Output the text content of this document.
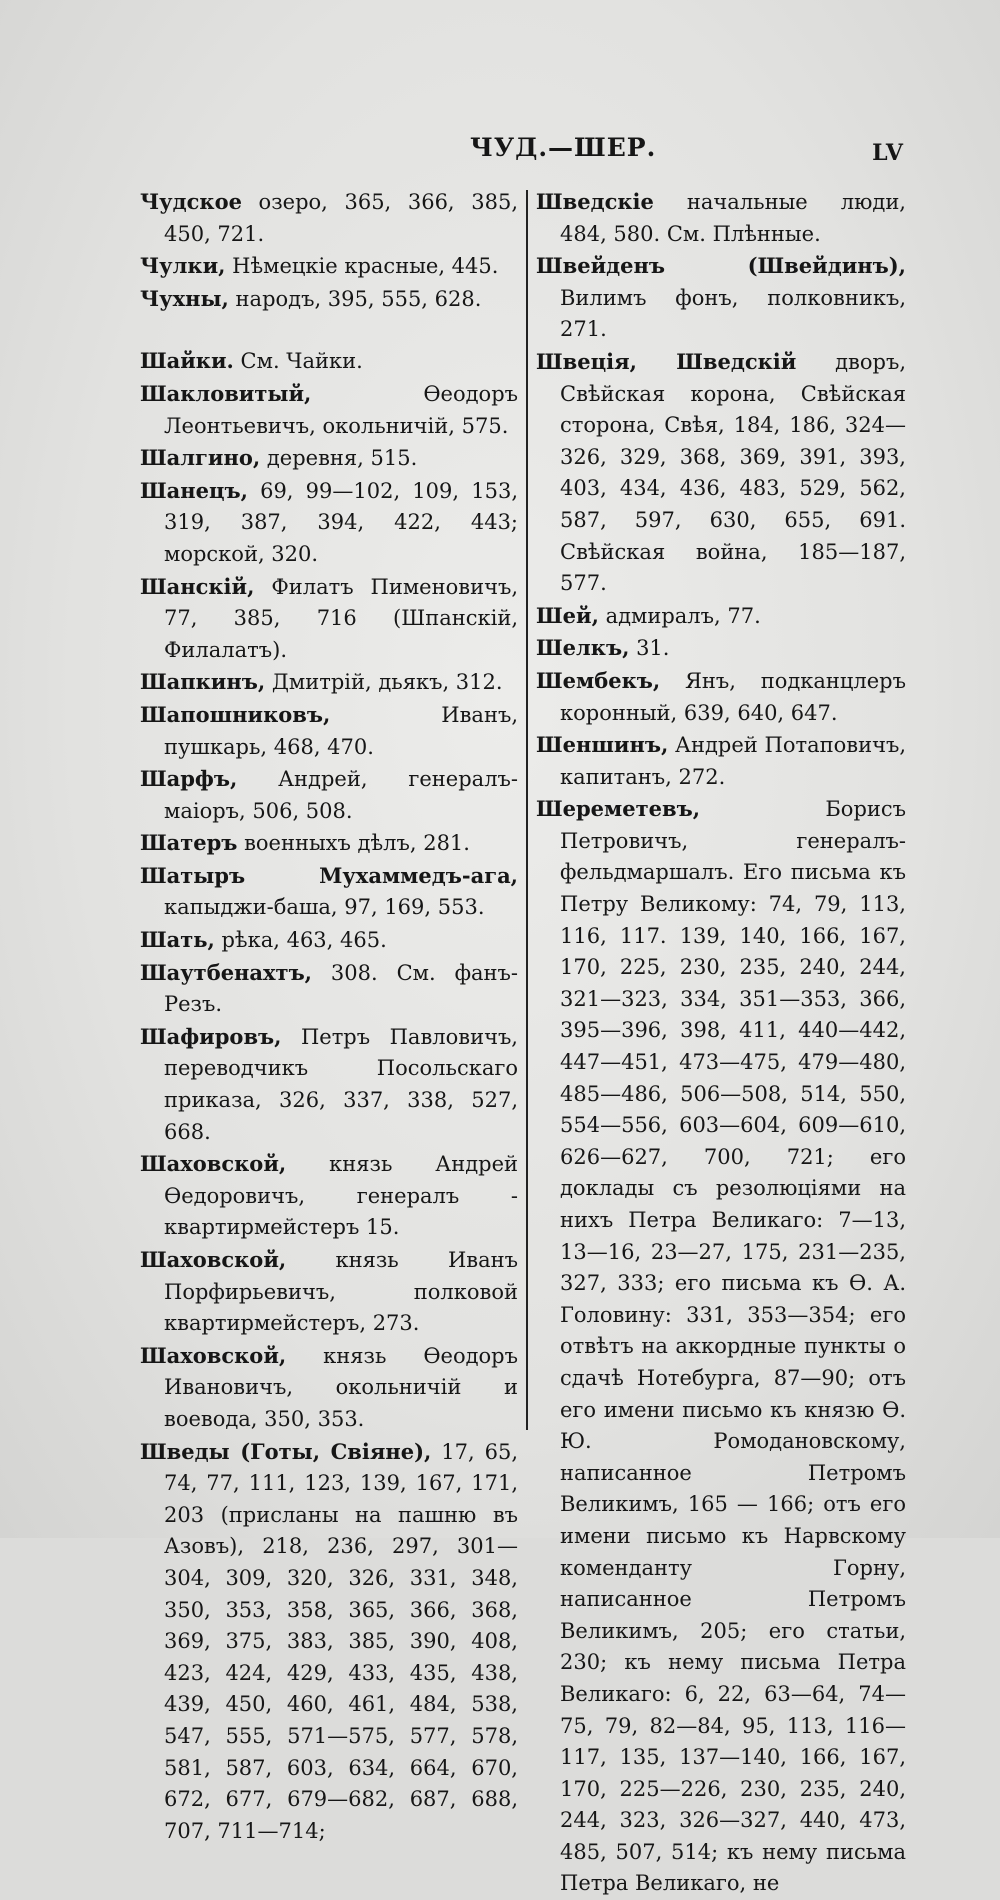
ЧУД.—ШЕР.	LV
Чудское озеро, 365, 366, 385, 450, 721.
Чулки, Нѣмецкіе красные, 445.
Чухны, народъ, 395, 555, 628.
Шайки. См. Чайки.
Шакловитый, Ѳеодоръ Леонтьевичъ, окольничій, 575.
Шалгино, деревня, 515.
Шанецъ, 69, 99—102, 109, 153, 319, 387, 394, 422, 443; морской, 320.
Шанскій, Филатъ Пименовичъ, 77, 385, 716 (Шпанскій, Филалатъ).
Шапкинъ, Дмитрій, дьякъ, 312.
Шапошниковъ, Иванъ, пушкарь, 468, 470.
Шарфъ, Андрей, генералъ-маіоръ, 506, 508.
Шатеръ военныхъ дѣлъ, 281.
Шатыръ Мухаммедъ-ага, капыджи-баша, 97, 169, 553.
Шать, рѣка, 463, 465.
Шаутбенахтъ, 308. См. фанъ-Резъ.
Шафировъ, Петръ Павловичъ, переводчикъ Посольскаго приказа, 326, 337, 338, 527, 668.
Шаховской, князь Андрей Ѳедоровичъ, генералъ - квартирмейстеръ 15.
Шаховской, князь Иванъ Порфирьевичъ, полковой квартирмейстеръ, 273.
Шаховской, князь Ѳеодоръ Ивановичъ, окольничій и воевода, 350, 353.
Шведы (Готы, Свіяне), 17, 65, 74, 77, 111, 123, 139, 167, 171, 203 (присланы на пашню въ Азовъ), 218, 236, 297, 301—304, 309, 320, 326, 331, 348, 350, 353, 358, 365, 366, 368, 369, 375, 383, 385, 390, 408, 423, 424, 429, 433, 435, 438, 439, 450, 460, 461, 484, 538, 547, 555, 571—575, 577, 578, 581, 587, 603, 634, 664, 670, 672, 677, 679—682, 687, 688, 707, 711—714;
Шведскіе начальные люди, 484, 580. См. Плѣнные.
Швейденъ (Швейдинъ), Вилимъ фонъ, полковникъ, 271.
Швеція, Шведскій дворъ, Свѣйская корона, Свѣйская сторона, Свѣя, 184, 186, 324—326, 329, 368, 369, 391, 393, 403, 434, 436, 483, 529, 562, 587, 597, 630, 655, 691. Свѣйская война, 185—187, 577.
Шей, адмиралъ, 77.
Шелкъ, 31.
Шембекъ, Янъ, подканцлеръ коронный, 639, 640, 647.
Шеншинъ, Андрей Потаповичъ, капитанъ, 272.
Шереметевъ, Борисъ Петровичъ, генералъ-фельдмаршалъ. Его письма къ Петру Великому: 74, 79, 113, 116, 117. 139, 140, 166, 167, 170, 225, 230, 235, 240, 244, 321—323, 334, 351—353, 366, 395—396, 398, 411, 440—442, 447—451, 473—475, 479—480, 485—486, 506—508, 514, 550, 554—556, 603—604, 609—610, 626—627, 700, 721; его доклады съ резолюціями на нихъ Петра Великаго: 7—13, 13—16, 23—27, 175, 231—235, 327, 333; его письма къ Ѳ. А. Головину: 331, 353—354; его отвѣтъ на аккордные пункты о сдачѣ Нотебурга, 87—90; отъ его имени письмо къ князю Ѳ. Ю. Ромодановскому, написанное Петромъ Великимъ, 165 — 166; отъ его имени письмо къ Нарвскому коменданту Горну, написанное Петромъ Великимъ, 205; его статьи, 230; къ нему письма Петра Великаго: 6, 22, 63—64, 74—75, 79, 82—84, 95, 113, 116—117, 135, 137—140, 166, 167, 170, 225—226, 230, 235, 240, 244, 323, 326—327, 440, 473, 485, 507, 514; къ нему письма Петра Великаго, не
